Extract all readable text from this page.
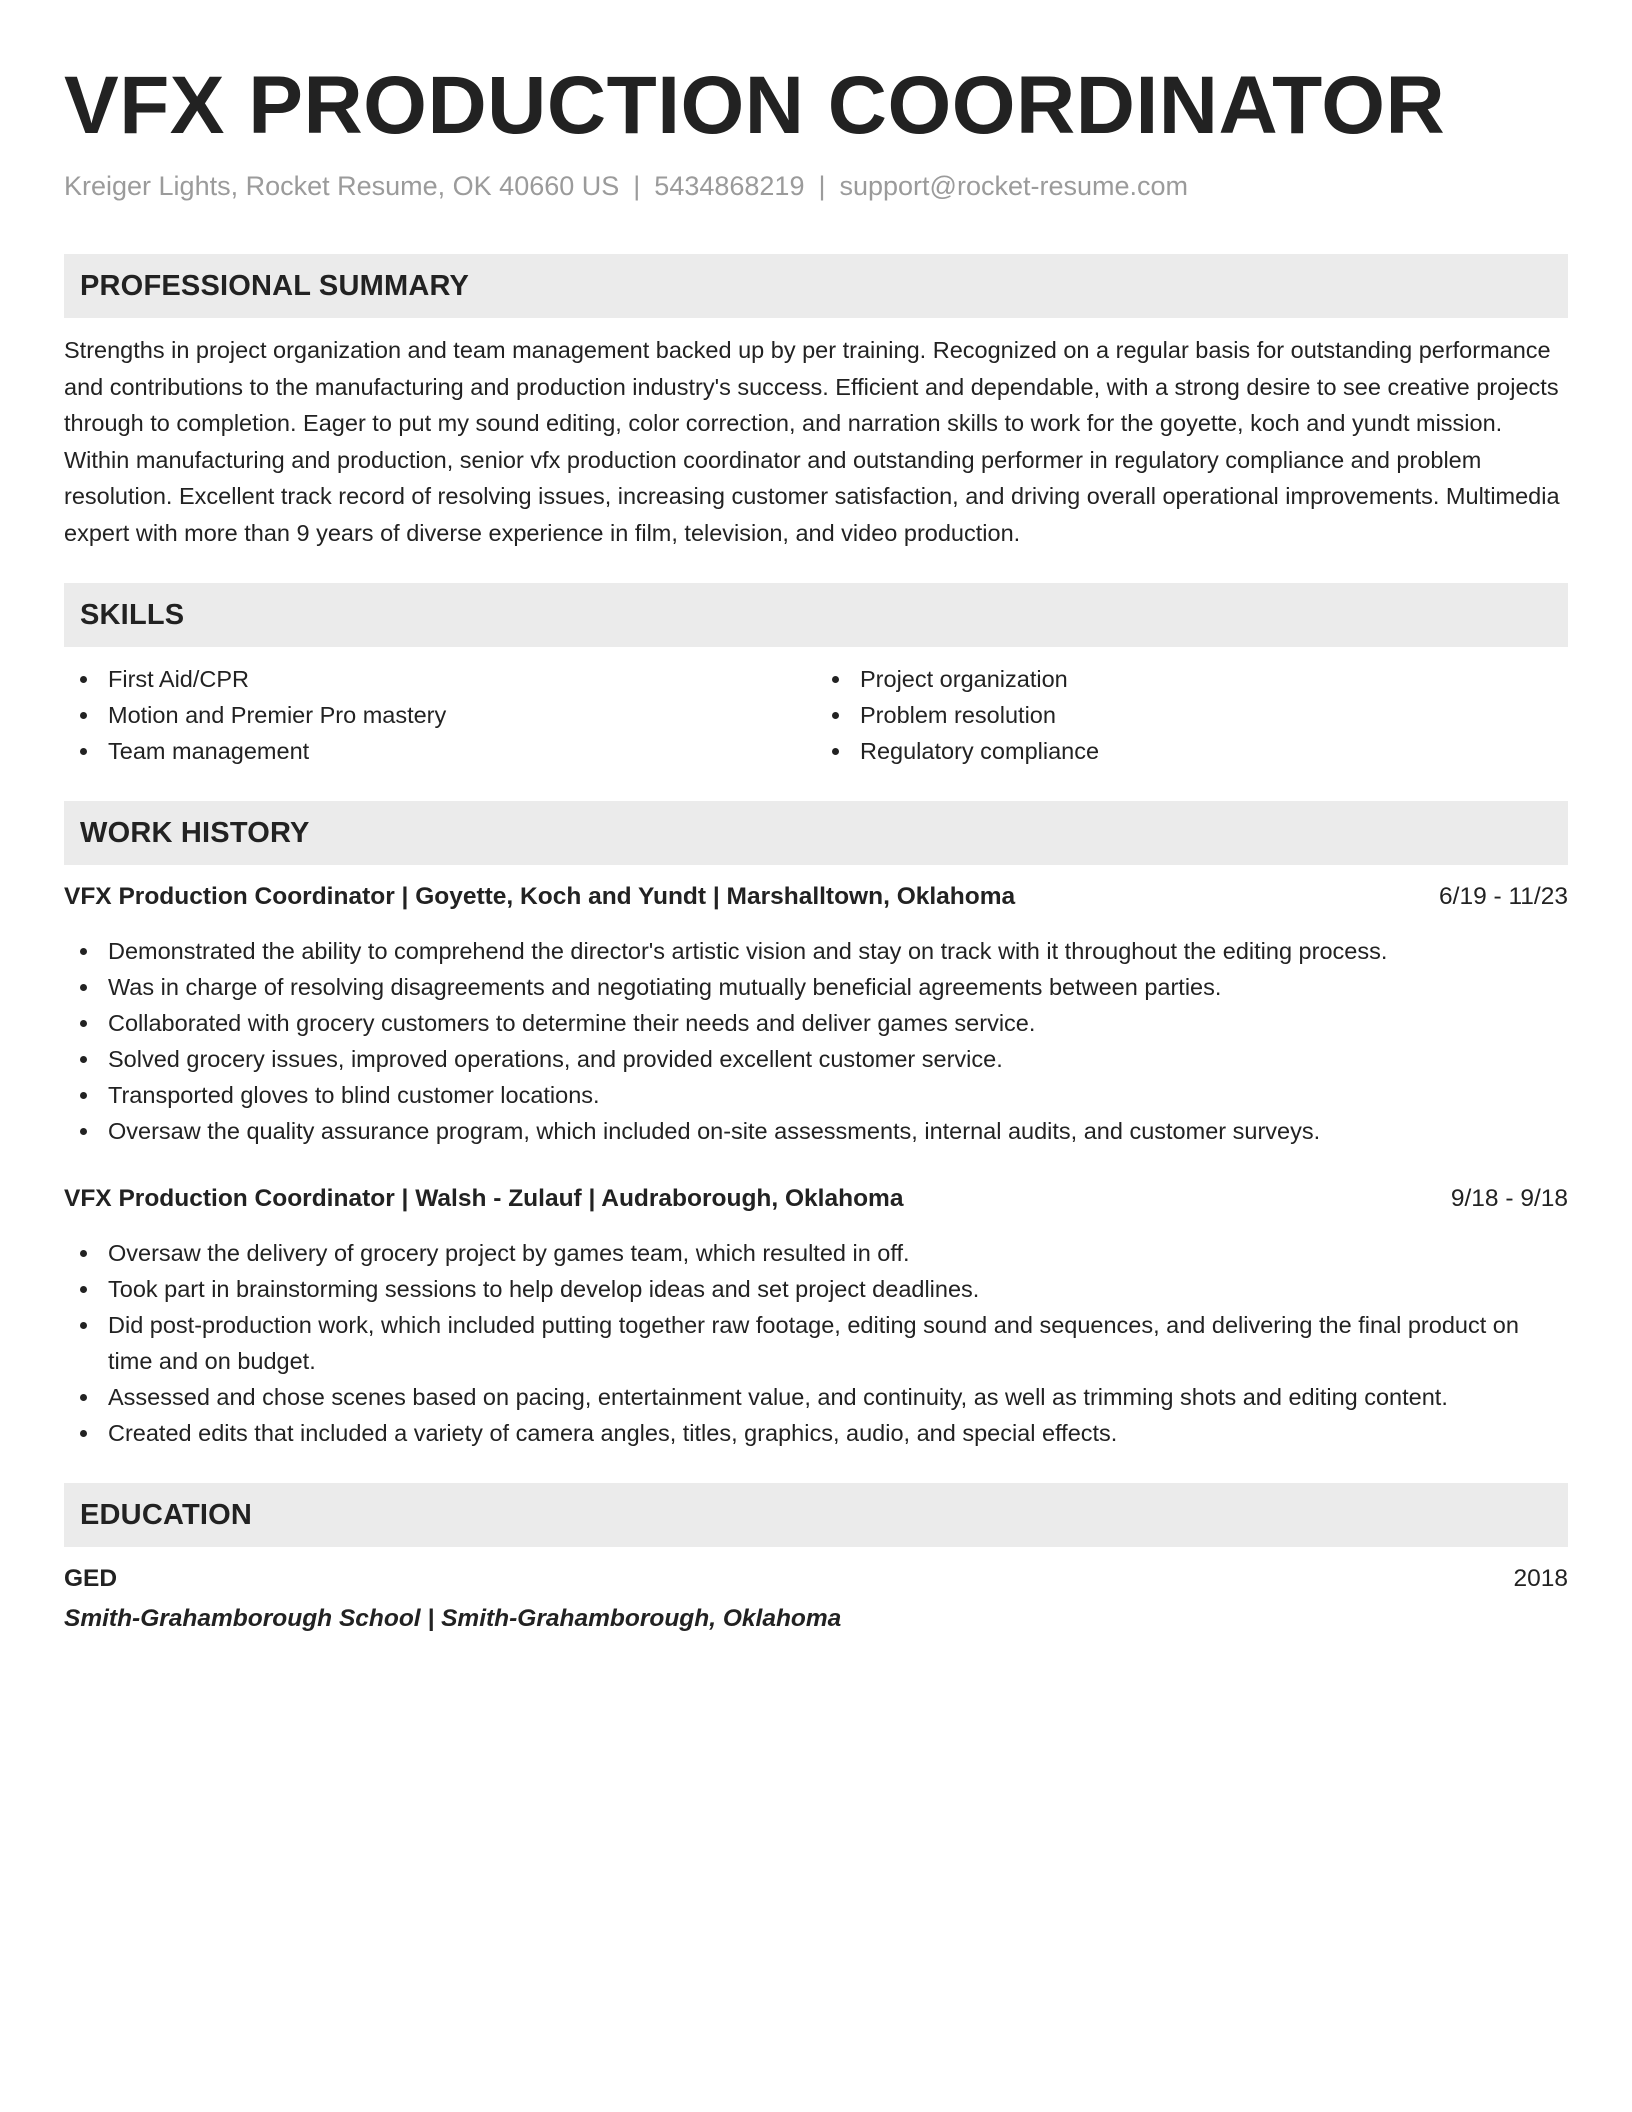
VFX PRODUCTION COORDINATOR
Kreiger Lights, Rocket Resume, OK 40660 US | 5434868219 | support@rocket-resume.com
PROFESSIONAL SUMMARY
Strengths in project organization and team management backed up by per training. Recognized on a regular basis for outstanding performance and contributions to the manufacturing and production industry's success. Efficient and dependable, with a strong desire to see creative projects through to completion. Eager to put my sound editing, color correction, and narration skills to work for the goyette, koch and yundt mission. Within manufacturing and production, senior vfx production coordinator and outstanding performer in regulatory compliance and problem resolution. Excellent track record of resolving issues, increasing customer satisfaction, and driving overall operational improvements. Multimedia expert with more than 9 years of diverse experience in film, television, and video production.
SKILLS
First Aid/CPR
Motion and Premier Pro mastery
Team management
Project organization
Problem resolution
Regulatory compliance
WORK HISTORY
VFX Production Coordinator | Goyette, Koch and Yundt | Marshalltown, Oklahoma	6/19 - 11/23
Demonstrated the ability to comprehend the director's artistic vision and stay on track with it throughout the editing process.
Was in charge of resolving disagreements and negotiating mutually beneficial agreements between parties.
Collaborated with grocery customers to determine their needs and deliver games service.
Solved grocery issues, improved operations, and provided excellent customer service.
Transported gloves to blind customer locations.
Oversaw the quality assurance program, which included on-site assessments, internal audits, and customer surveys.
VFX Production Coordinator | Walsh - Zulauf | Audraborough, Oklahoma	9/18 - 9/18
Oversaw the delivery of grocery project by games team, which resulted in off.
Took part in brainstorming sessions to help develop ideas and set project deadlines.
Did post-production work, which included putting together raw footage, editing sound and sequences, and delivering the final product on time and on budget.
Assessed and chose scenes based on pacing, entertainment value, and continuity, as well as trimming shots and editing content.
Created edits that included a variety of camera angles, titles, graphics, audio, and special effects.
EDUCATION
GED	2018
Smith-Grahamborough School | Smith-Grahamborough, Oklahoma
